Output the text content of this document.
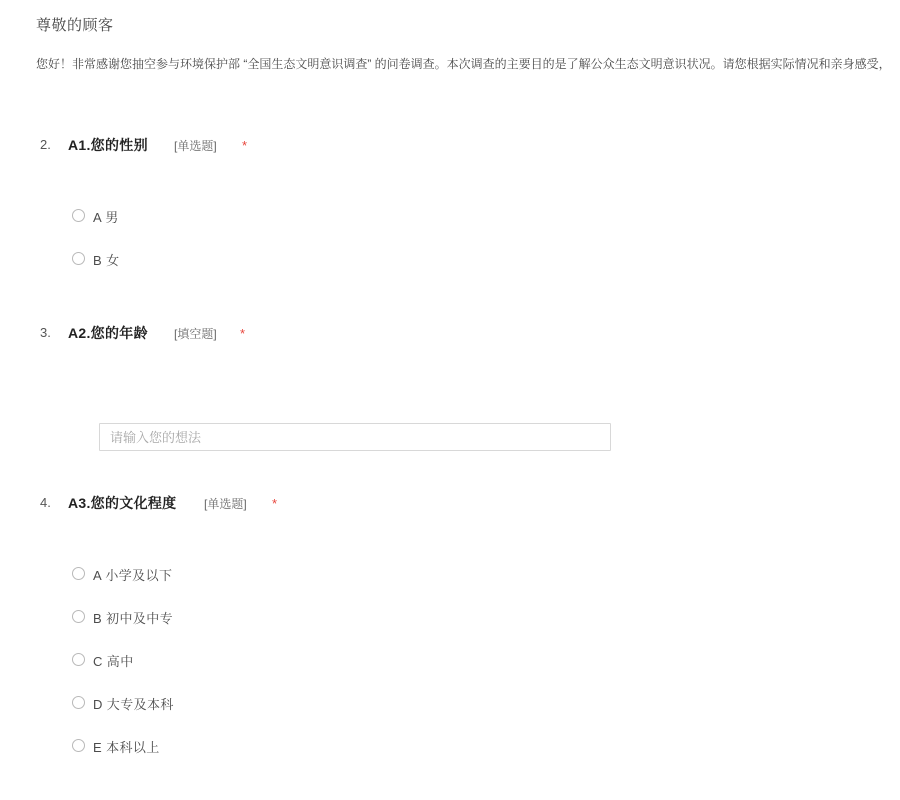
尊敬的顾客
您好！非常感谢您抽空参与环境保护部 “全国生态文明意识调查” 的问卷调查。本次调查的主要目的是了解公众生态文明意识状况。请您根据实际情况和亲身感受，
2. A1.您的性别 [单选题] *
A 男
B 女
3. A2.您的年龄 [填空题] *
请输入您的想法
4. A3.您的文化程度 [单选题] *
A 小学及以下
B 初中及中专
C 高中
D 大专及本科
E 本科以上
